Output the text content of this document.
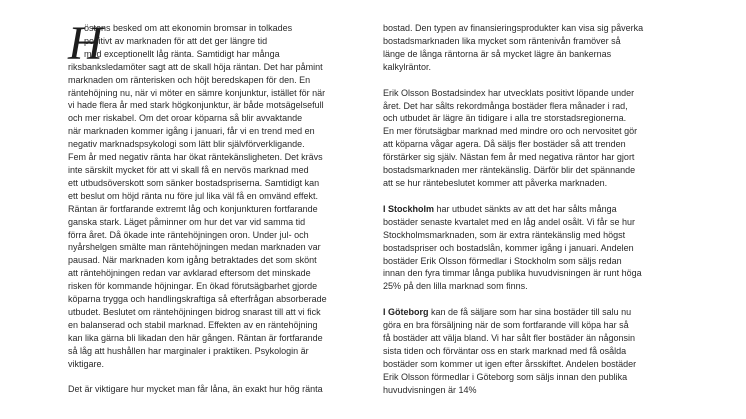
H
östens besked om att ekonomin bromsar in tolkades
positivt av marknaden för att det ger längre tid
med exceptionellt låg ränta. Samtidigt har många
riksbanksledamöter sagt att de skall höja räntan. Det har påmint
marknaden om ränterisken och höjt beredskapen för den. En
räntehöjning nu, när vi möter en sämre konjunktur, istället för när
vi hade flera år med stark högkonjunktur, är både motsägelsefull
och mer riskabel. Om det oroar köparna så blir avvaktande
när marknaden kommer igång i januari, får vi en trend med en
negativ marknadspsykologi som lätt blir självförverkligande.
Fem år med negativ ränta har ökat räntekänsligheten. Det krävs
inte särskilt mycket för att vi skall få en nervös marknad med
ett utbudsöverskott som sänker bostadspriserna. Samtidigt kan
ett beslut om höjd ränta nu före jul lika väl få en omvänd effekt.
Räntan är fortfarande extremt låg och konjunkturen fortfarande
ganska stark. Läget påminner om hur det var vid samma tid
förra året. Då ökade inte räntehöjningen oron. Under jul- och
nyårshelgen smälte man räntehöjningen medan marknaden var
pausad. När marknaden kom igång betraktades det som skönt
att räntehöjningen redan var avklarad eftersom det minskade
risken för kommande höjningar. En ökad förutsägbarhet gjorde
köparna trygga och handlingskraftiga så efterfrågan absorberade
utbudet. Beslutet om räntehöjningen bidrog snarast till att vi fick
en balanserad och stabil marknad. Effekten av en räntehöjning
kan lika gärna bli likadan den här gången. Räntan är fortfarande
så låg att hushållen har marginaler i praktiken. Psykologin är
viktigare.
Det är viktigare hur mycket man får låna, än exakt hur hög ränta
bostad. Den typen av finansieringsprodukter kan visa sig påverka
bostadsmarknaden lika mycket som räntenivån framöver så
länge de långa räntorna är så mycket lägre än bankernas
kalkylräntor.
Erik Olsson Bostadsindex har utvecklats positivt löpande under
året. Det har sålts rekordmånga bostäder flera månader i rad,
och utbudet är lägre än tidigare i alla tre storstadsregionerna.
En mer förutsägbar marknad med mindre oro och nervositet gör
att köparna vågar agera. Då säljs fler bostäder så att trenden
förstärker sig själv. Nästan fem år med negativa räntor har gjort
bostadsmarknaden mer räntekänslig. Därför blir det spännande
att se hur räntebeslutet kommer att påverka marknaden.
I Stockholm har utbudet sänkts av att det har sålts många
bostäder senaste kvartalet med en låg andel osålt. Vi får se hur
Stockholmsmarknaden, som är extra räntekänslig med högst
bostadspriser och bostadslån, kommer igång i januari. Andelen
bostäder Erik Olsson förmedlar i Stockholm som säljs redan
innan den fyra timmar långa publika huvudvisningen är runt höga
25% på den lilla marknad som finns.
I Göteborg kan de få säljare som har sina bostäder till salu nu
göra en bra försäljning när de som fortfarande vill köpa har så
få bostäder att välja bland. Vi har sålt fler bostäder än någonsin
sista tiden och förväntar oss en stark marknad med få osålda
bostäder som kommer ut igen efter årsskiftet. Andelen bostäder
Erik Olsson förmedlar i Göteborg som säljs innan den publika
huvudvisningen är 14%
